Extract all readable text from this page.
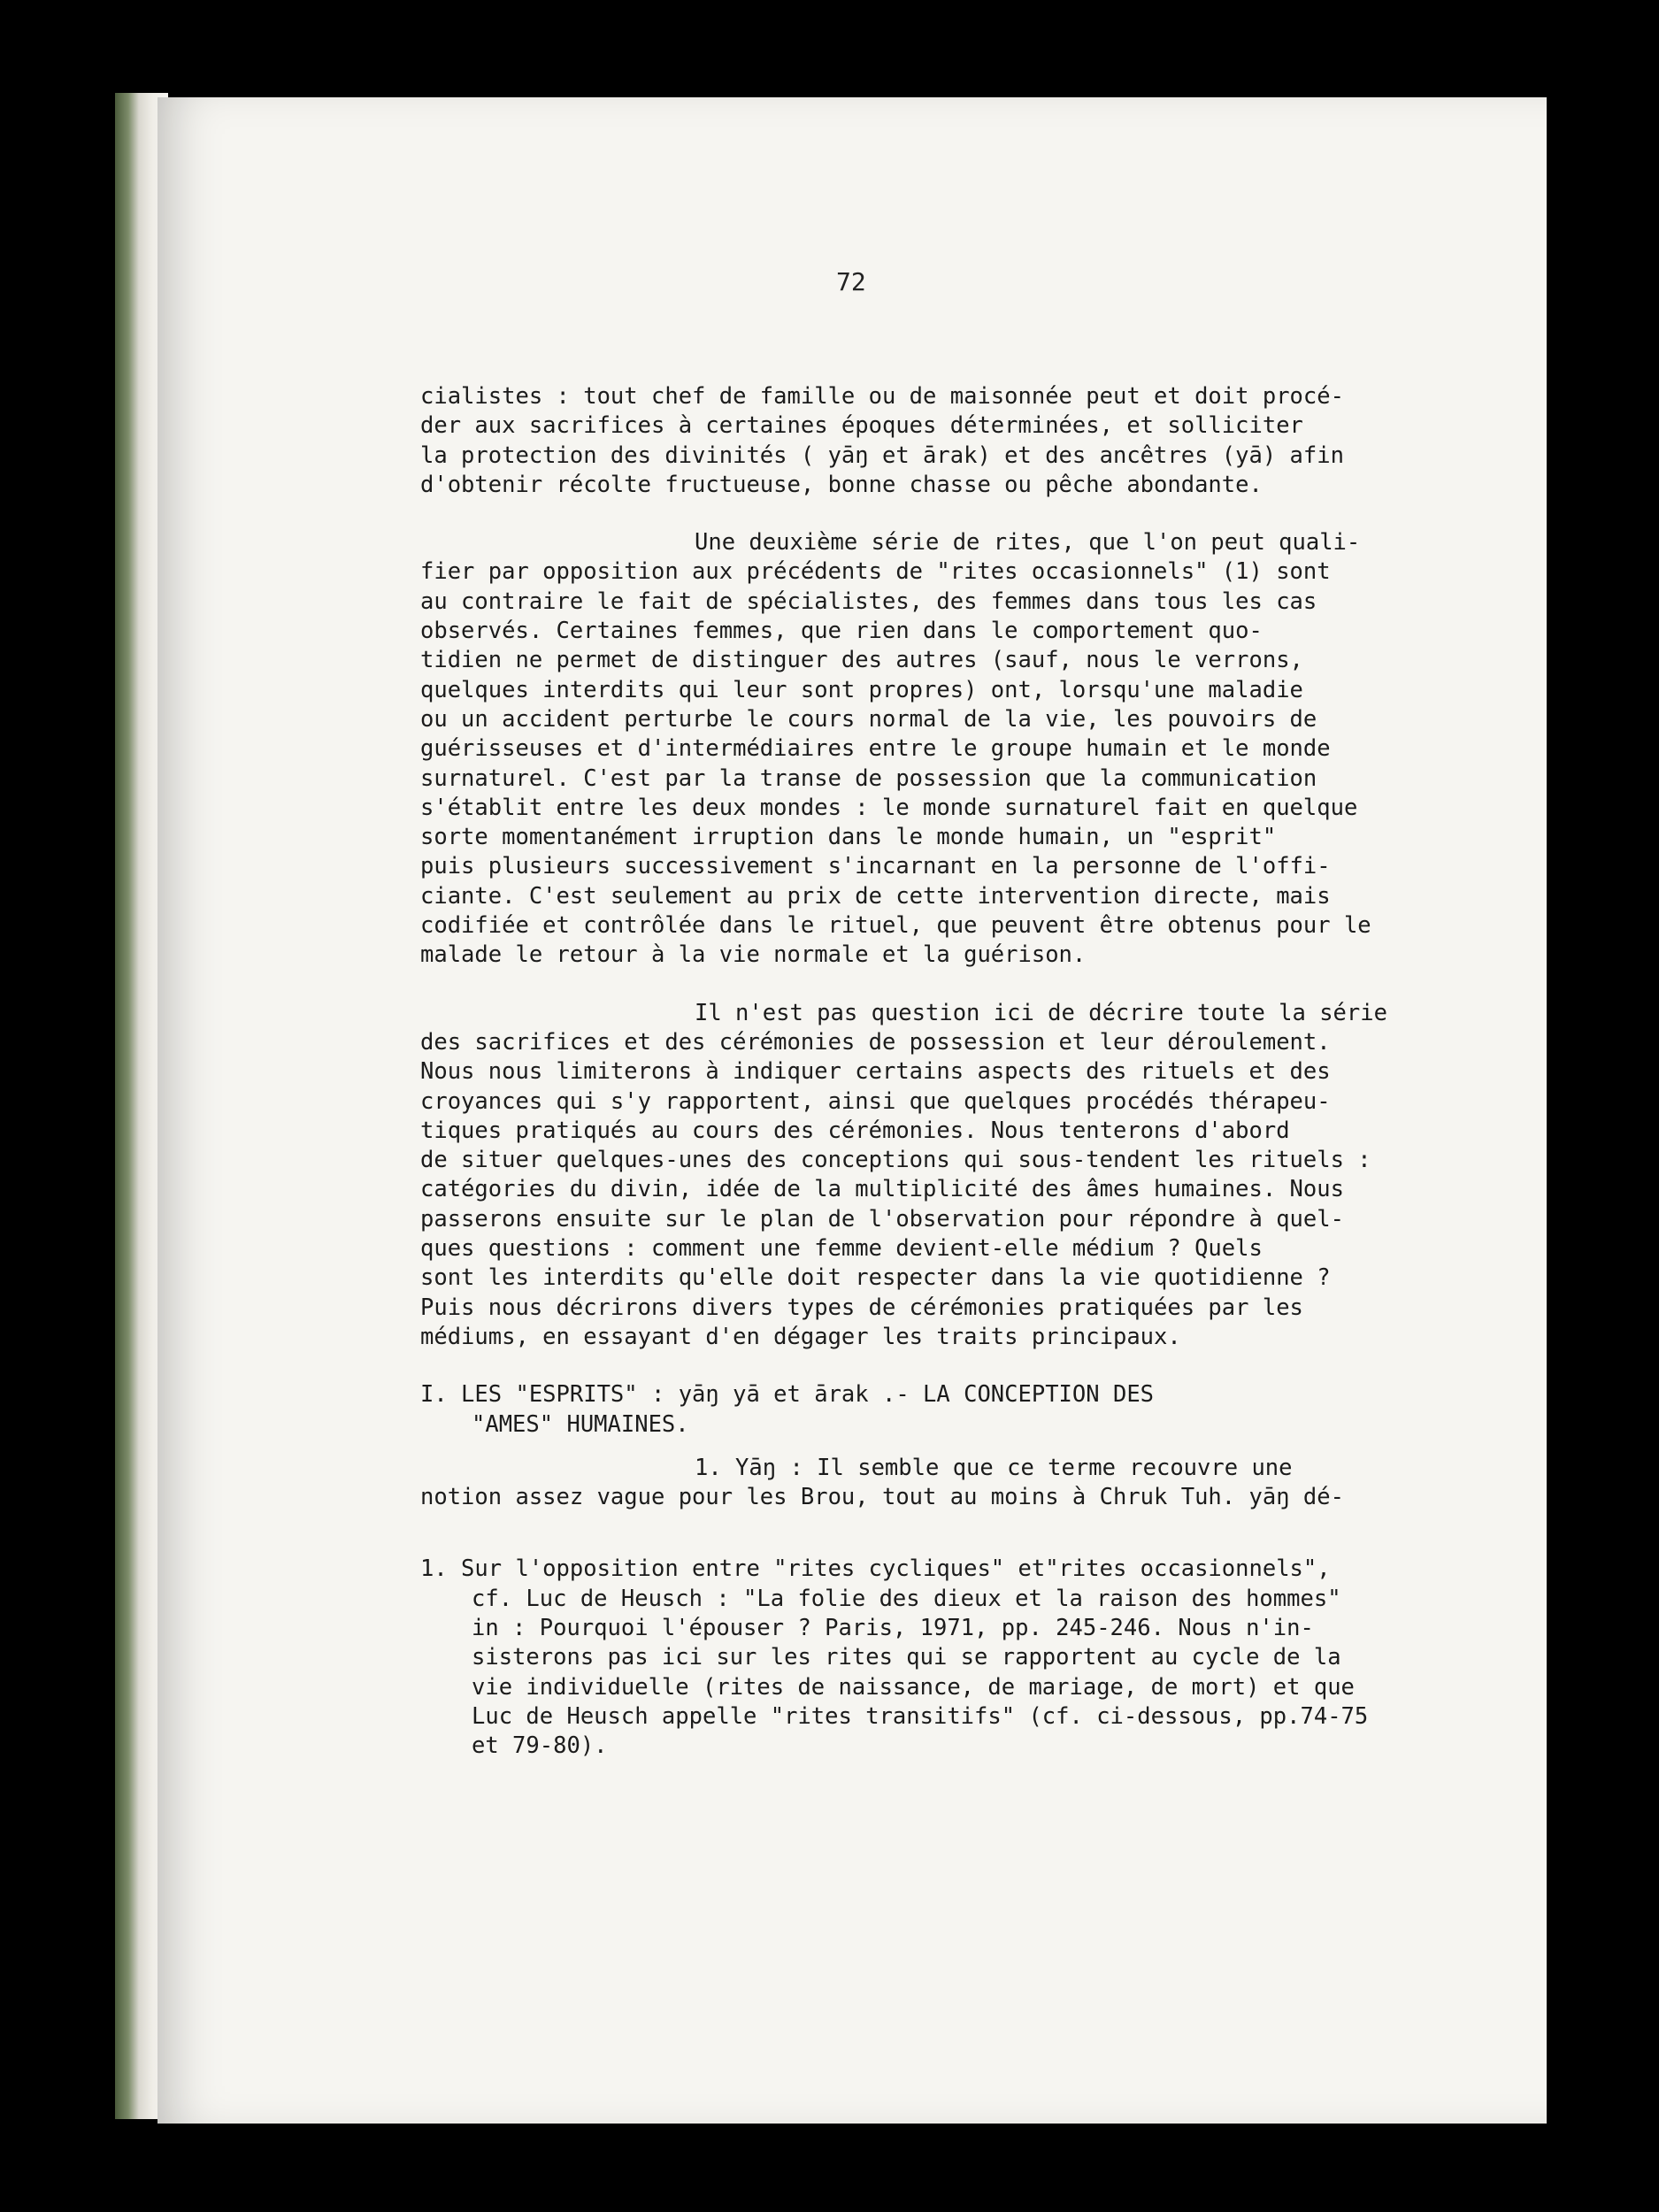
72
cialistes : tout chef de famille ou de maisonnée peut et doit procé-
der aux sacrifices à certaines époques déterminées, et solliciter
la protection des divinités ( yāŋ et ārak) et des ancêtres (yā) afin
d'obtenir récolte fructueuse, bonne chasse ou pêche abondante.
Une deuxième série de rites, que l'on peut quali-
fier par opposition aux précédents de "rites occasionnels" (1) sont
au contraire le fait de spécialistes, des femmes dans tous les cas
observés. Certaines femmes, que rien dans le comportement quo-
tidien ne permet de distinguer des autres (sauf, nous le verrons,
quelques interdits qui leur sont propres) ont, lorsqu'une maladie
ou un accident perturbe le cours normal de la vie, les pouvoirs de
guérisseuses et d'intermédiaires entre le groupe humain et le monde
surnaturel. C'est par la transe de possession que la communication
s'établit entre les deux mondes : le monde surnaturel fait en quelque
sorte momentanément irruption dans le monde humain, un "esprit"
puis plusieurs successivement s'incarnant en la personne de l'offi-
ciante. C'est seulement au prix de cette intervention directe, mais
codifiée et contrôlée dans le rituel, que peuvent être obtenus pour le
malade le retour à la vie normale et la guérison.
Il n'est pas question ici de décrire toute la série
des sacrifices et des cérémonies de possession et leur déroulement.
Nous nous limiterons à indiquer certains aspects des rituels et des
croyances qui s'y rapportent, ainsi que quelques procédés thérapeu-
tiques pratiqués au cours des cérémonies. Nous tenterons d'abord
de situer quelques-unes des conceptions qui sous-tendent les rituels :
catégories du divin, idée de la multiplicité des âmes humaines. Nous
passerons ensuite sur le plan de l'observation pour répondre à quel-
ques questions : comment une femme devient-elle médium ? Quels
sont les interdits qu'elle doit respecter dans la vie quotidienne ?
Puis nous décrirons divers types de cérémonies pratiquées par les
médiums, en essayant d'en dégager les traits principaux.
I. LES "ESPRITS" : yāŋ yā et ārak .- LA CONCEPTION DES
"AMES" HUMAINES.
1. Yāŋ : Il semble que ce terme recouvre une
notion assez vague pour les Brou, tout au moins à Chruk Tuh. yāŋ dé-
1. Sur l'opposition entre "rites cycliques" et"rites occasionnels",
cf. Luc de Heusch : "La folie des dieux et la raison des hommes"
in : Pourquoi l'épouser ? Paris, 1971, pp. 245-246. Nous n'in-
sisterons pas ici sur les rites qui se rapportent au cycle de la
vie individuelle (rites de naissance, de mariage, de mort) et que
Luc de Heusch appelle "rites transitifs" (cf. ci-dessous, pp.74-75
et 79-80).
